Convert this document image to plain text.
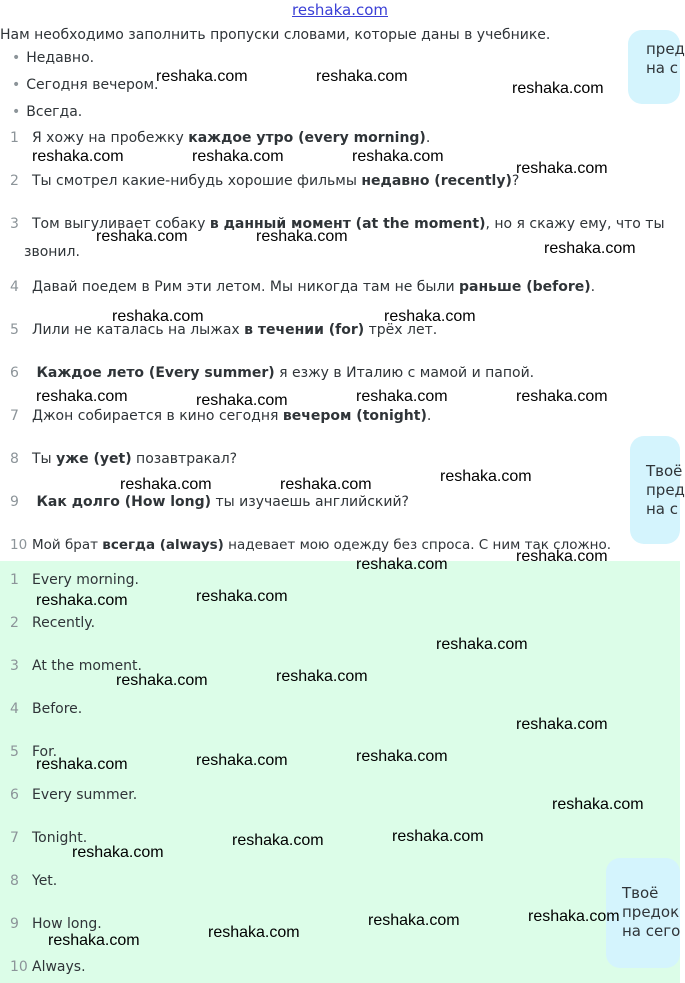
reshaka.com
Нам необходимо заполнить пропуски словами, которые даны в учебнике.
• Недавно.
• Сегодня вечером.
• Всегда.
1 Я хожу на пробежку каждое утро (every morning).
2 Ты смотрел какие-нибудь хорошие фильмы недавно (recently)?
3 Том выгуливает собаку в данный момент (at the moment), но я скажу ему, что ты
звонил.
4 Давай поедем в Рим эти летом. Мы никогда там не были раньше (before).
5 Лили не каталась на лыжах в течении (for) трёх лет.
6 Каждое лето (Every summer) я езжу в Италию с мамой и папой.
7 Джон собирается в кино сегодня вечером (tonight).
8 Ты уже (yet) позавтракал?
9 Как долго (How long) ты изучаешь английский?
10 Мой брат всегда (always) надевает мою одежду без спроса. С ним так сложно.
1 Every morning.
2 Recently.
3 At the moment.
4 Before.
5 For.
6 Every summer.
7 Tonight.
8 Yet.
9 How long.
10 Always.
пред
на с
Твоё
пред
на с
Твоё
предок
на сего
reshaka.com	reshaka.com
reshaka.com
reshaka.com	reshaka.com	reshaka.com
reshaka.com
reshaka.com	reshaka.com
reshaka.com
reshaka.com	reshaka.com
reshaka.com	reshaka.com	reshaka.com	reshaka.com
reshaka.com
reshaka.com	reshaka.com
reshaka.com
reshaka.com
reshaka.com
reshaka.com
reshaka.com
reshaka.com
reshaka.com
reshaka.com
reshaka.com
reshaka.com
reshaka.com
reshaka.com
reshaka.com
reshaka.com
reshaka.com
reshaka.com
reshaka.com
reshaka.com
reshaka.com
